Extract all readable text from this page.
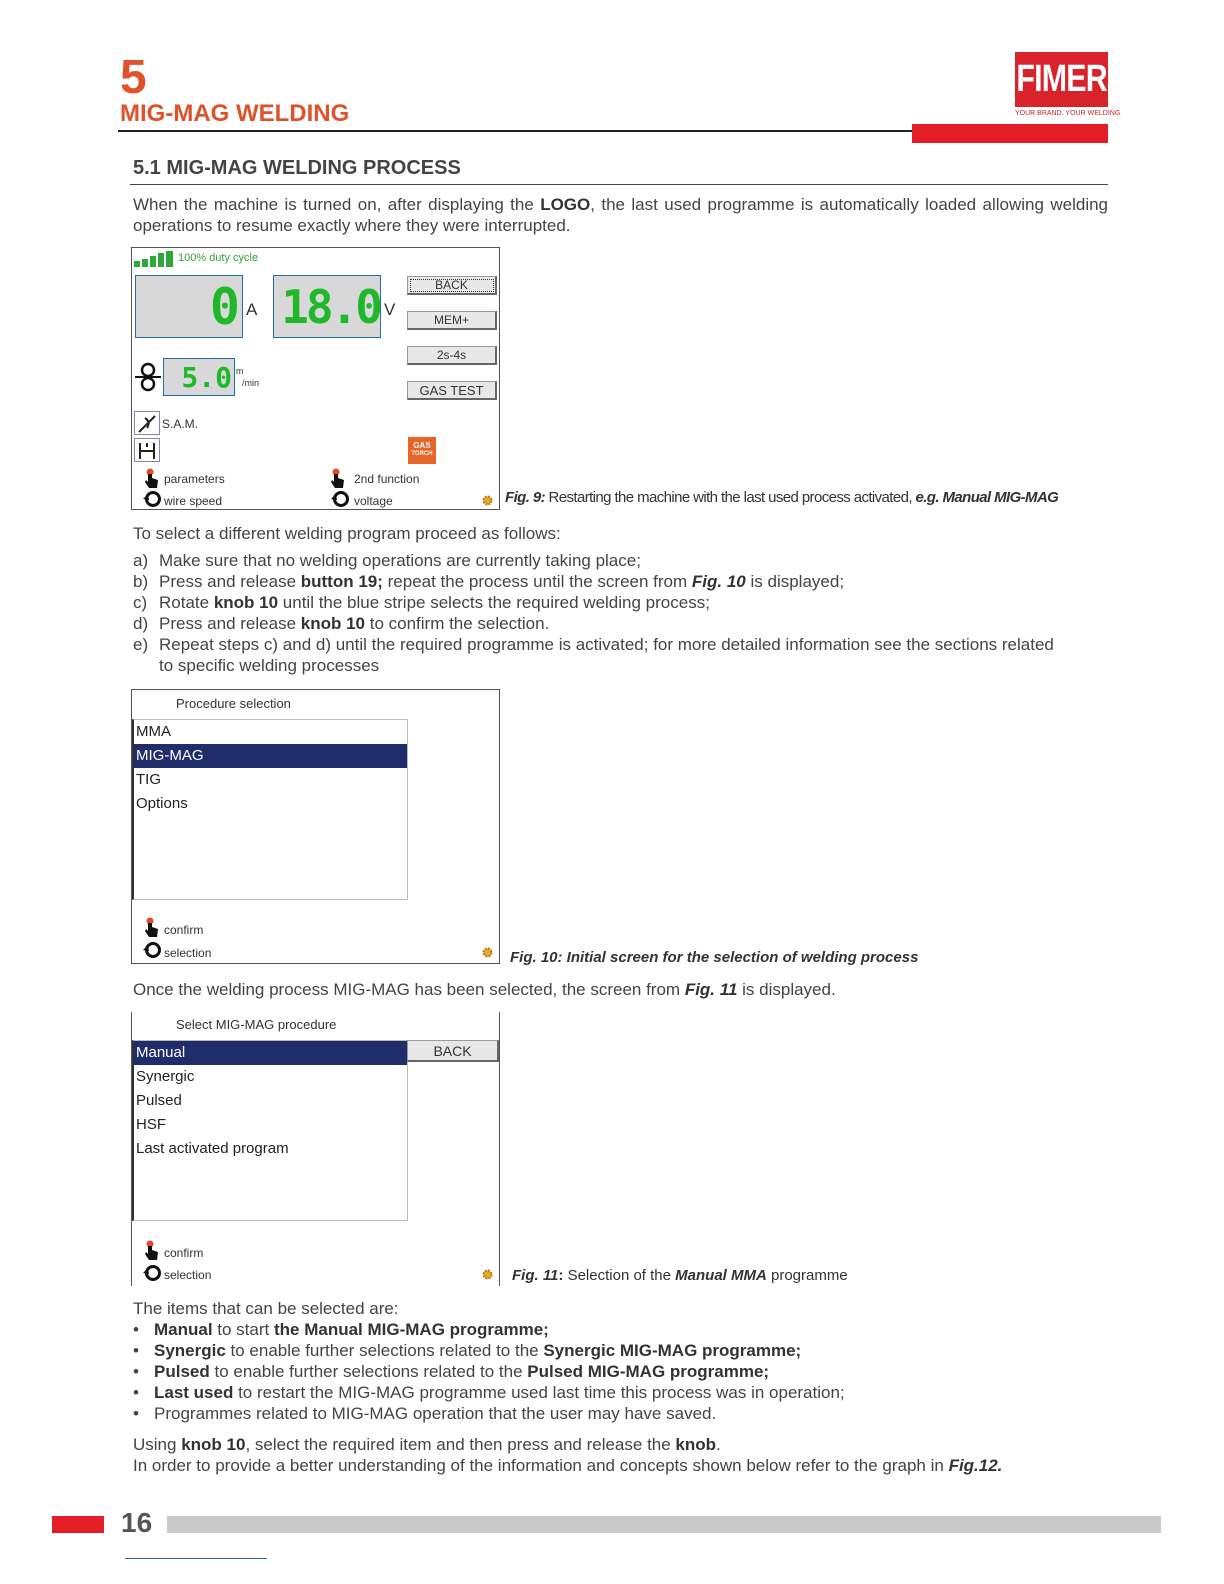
5
MIG-MAG WELDING
FIMER
YOUR BRAND. YOUR WELDING
5.1 MIG-MAG WELDING PROCESS
When the machine is turned on, after displaying the LOGO, the last used programme is automatically loaded allowing welding operations to resume exactly where they were interrupted.
100% duty cycle
0 A 18.0 V
BACK
MEM+
2s-4s
GAS TEST
5.0 m
/min
S.A.M.
GAS
TORCH
parameters
wire speed
2nd function
voltage	Fig. 9: Restarting the machine with the last used process activated, e.g. Manual MIG-MAG
To select a different welding program proceed as follows:
a) Make sure that no welding operations are currently taking place;
b) Press and release button 19; repeat the process until the screen from Fig. 10 is displayed;
c) Rotate knob 10 until the blue stripe selects the required welding process;
d) Press and release knob 10 to confirm the selection.
e) Repeat steps c) and d) until the required programme is activated; for more detailed information see the sections related
to specific welding processes
Procedure selection
MMA
MIG-MAG
TIG
Options
confirm
selection	Fig. 10: Initial screen for the selection of welding process
Once the welding process MIG-MAG has been selected, the screen from Fig. 11 is displayed.
Select MIG-MAG procedure
Manual
Synergic
Pulsed
HSF
Last activated program
BACK
confirm
selection	Fig. 11: Selection of the Manual MMA programme
The items that can be selected are:
• Manual to start the Manual MIG-MAG programme;
• Synergic to enable further selections related to the Synergic MIG-MAG programme;
• Pulsed to enable further selections related to the Pulsed MIG-MAG programme;
• Last used to restart the MIG-MAG programme used last time this process was in operation;
• Programmes related to MIG-MAG operation that the user may have saved.
Using knob 10, select the required item and then press and release the knob.
In order to provide a better understanding of the information and concepts shown below refer to the graph in Fig.12.
16
